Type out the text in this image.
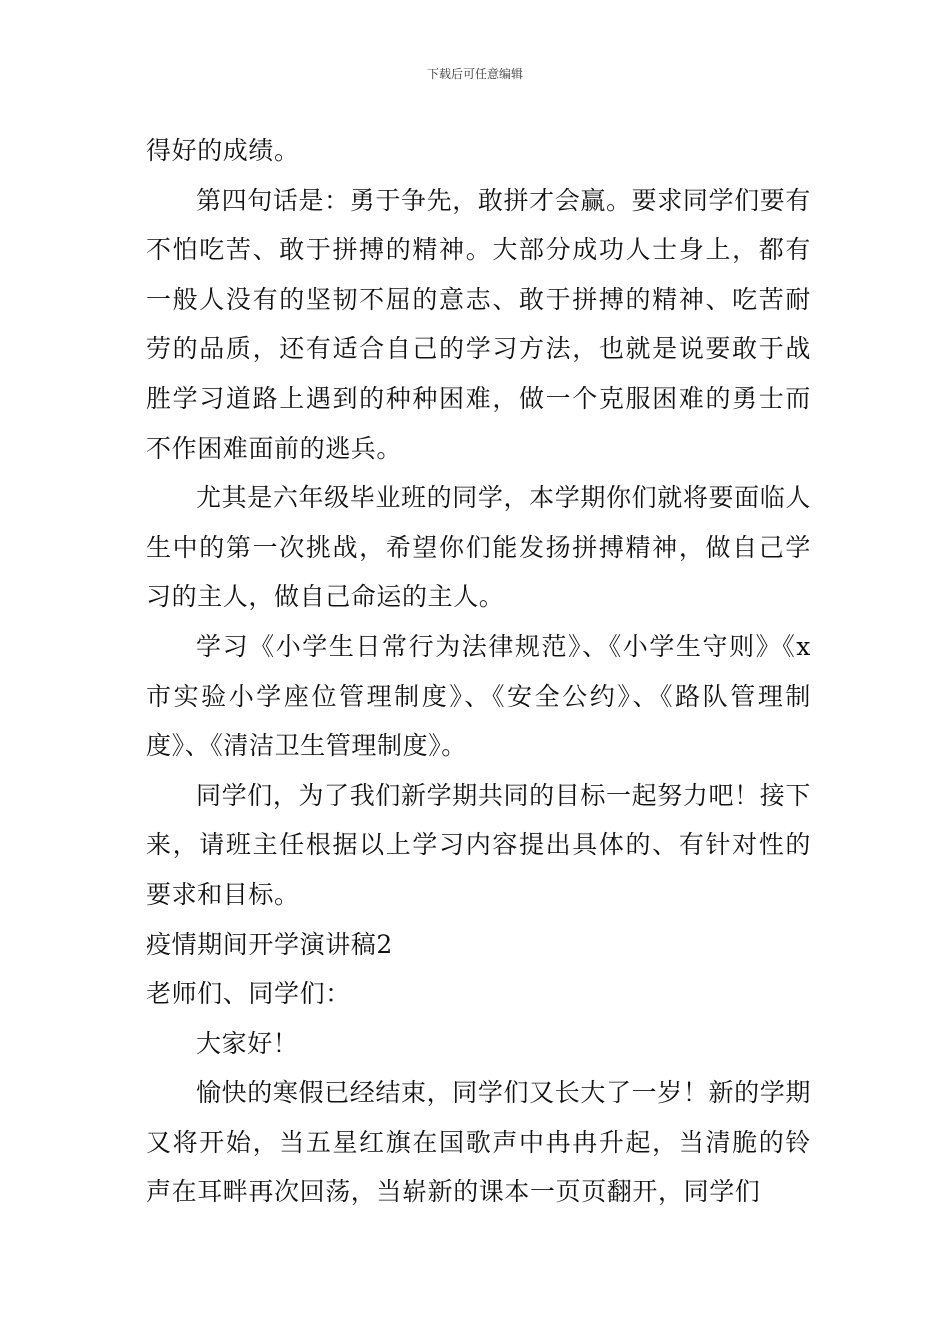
下载后可任意编辑

得好的成绩。

第四句话是：勇于争先，敢拼才会赢。要求同学们要有不怕吃苦、敢于拼搏的精神。大部分成功人士身上，都有一般人没有的坚韧不屈的意志、敢于拼搏的精神、吃苦耐劳的品质，还有适合自己的学习方法，也就是说要敢于战胜学习道路上遇到的种种困难，做一个克服困难的勇士而不作困难面前的逃兵。

尤其是六年级毕业班的同学，本学期你们就将要面临人生中的第一次挑战，希望你们能发扬拼搏精神，做自己学习的主人，做自己命运的主人。

学习《小学生日常行为法律规范》、《小学生守则》《x市实验小学座位管理制度》、《安全公约》、《路队管理制度》、《清洁卫生管理制度》。

同学们，为了我们新学期共同的目标一起努力吧！接下来，请班主任根据以上学习内容提出具体的、有针对性的要求和目标。

疫情期间开学演讲稿2

老师们、同学们：

大家好！

愉快的寒假已经结束，同学们又长大了一岁！新的学期又将开始，当五星红旗在国歌声中冉冉升起，当清脆的铃声在耳畔再次回荡，当崭新的课本一页页翻开，同学们
